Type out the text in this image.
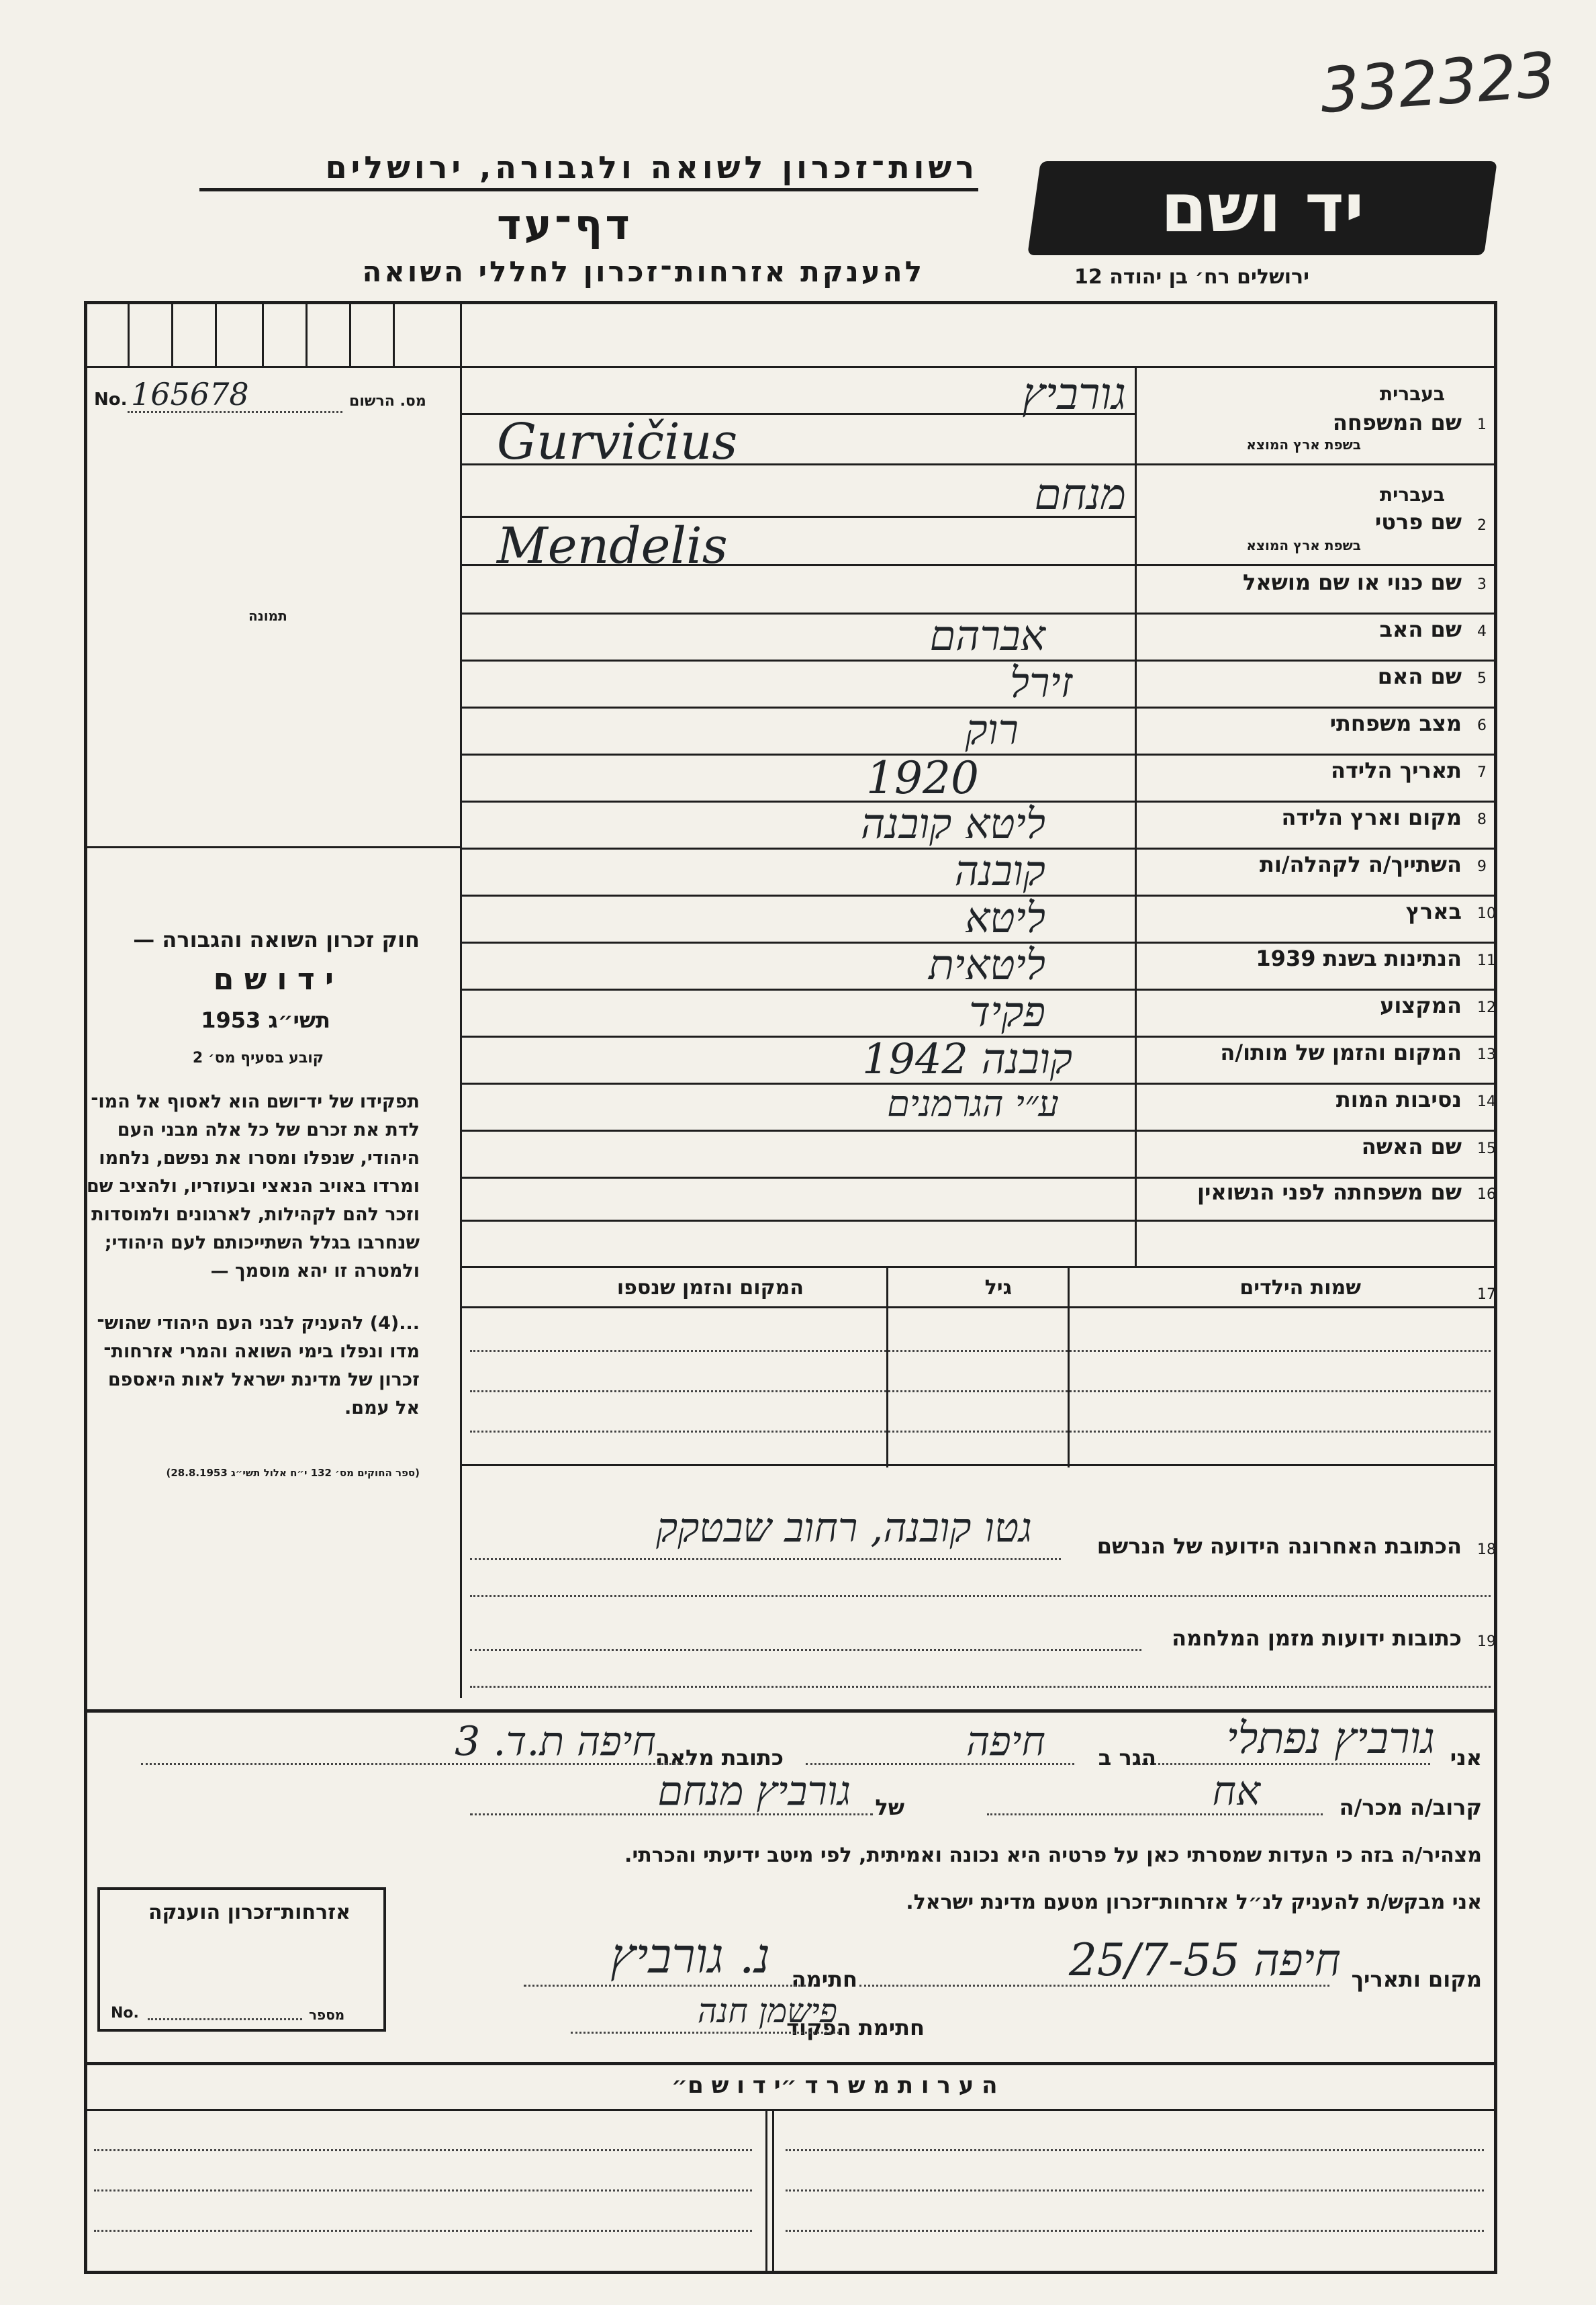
332323
רשות־זכרון לשואה ולגבורה, ירושלים
דף־עד
להענקת אזרחות־זכרון לחללי השואה
יד ושם
ירושלים רח׳ בן יהודה 12
No. 165678	מס. הרשום
תמונה
חוק זכרון השואה והגבורה —
י ד ו ש ם
תשי״ג 1953
קובע בסעיף מס׳ 2
תפקידו של יד־ושם הוא לאסוף אל המו־
לדת את זכרם של כל אלה מבני העם
היהודי, שנפלו ומסרו את נפשם, נלחמו
ומרדו באויב הנאצי ובעוזריו, ולהציב שם
וזכר להם לקהילות, לארגונים ולמוסדות
שנחרבו בגלל השתייכותם לעם היהודי;
ולמטרה זו יהא מוסמך —
...(4) להעניק לבני העם היהודי שהוש־
מדו ונפלו בימי השואה והמרי אזרחות־
זכרון של מדינת ישראל לאות היאספם
אל עמם.
(ספר החוקים מס׳ 132 י״ח אלול תשי״ג 28.8.1953)
1
בעברית
שם המשפחה
בשפת ארץ המוצא
גורביץ
Gurvičius
2
בעברית
שם פרטי
בשפת ארץ המוצא
מנחם
Mendelis
3
שם כנוי או שם מושאל
4
שם האב
אברהם
5
שם האם
זירל
6
מצב משפחתי
רוק
7
תאריך הלידה
1920
8
מקום וארץ הלידה
ליטא קובנה
9
השתייך/ה לקהלה/ות
קובנה
10
בארץ
ליטא
11
הנתינות בשנת 1939
ליטאית
12
המקצוע
פקיד
13
המקום והזמן של מותו/ה
קובנה 1942
14
נסיבות המות
ע״י הגרמנים
15
שם האשה
16
שם משפחתה לפני הנשואין
17
שמות הילדים
גיל
המקום והזמן שנספו
18
הכתובת האחרונה הידועה של הנרשם
גטו קובנה, רחוב שבטקק
19
כתובות ידועות מזמן המלחמה
אני
גורביץ נפתלי
הגר ב
חיפה
כתובת מלאה
חיפה ת.ד. 3
קרוב/ה מכר/ה
אח
של
גורביץ מנחם
מצהיר/ה בזה כי העדות שמסרתי כאן על פרטיה היא נכונה ואמיתית, לפי מיטב ידיעתי והכרתי.
אני מבקש/ת להעניק לנ״ל אזרחות־זכרון מטעם מדינת ישראל.
מקום ותאריך
חיפה 25/7-55
חתימה
נ. גורביץ
חתימת הפקוד
פישמן חנה
אזרחות־זכרון הוענקה
No.	מספר
ה ע ר ו ת מ ש ר ד ״י ד ו ש ם״
